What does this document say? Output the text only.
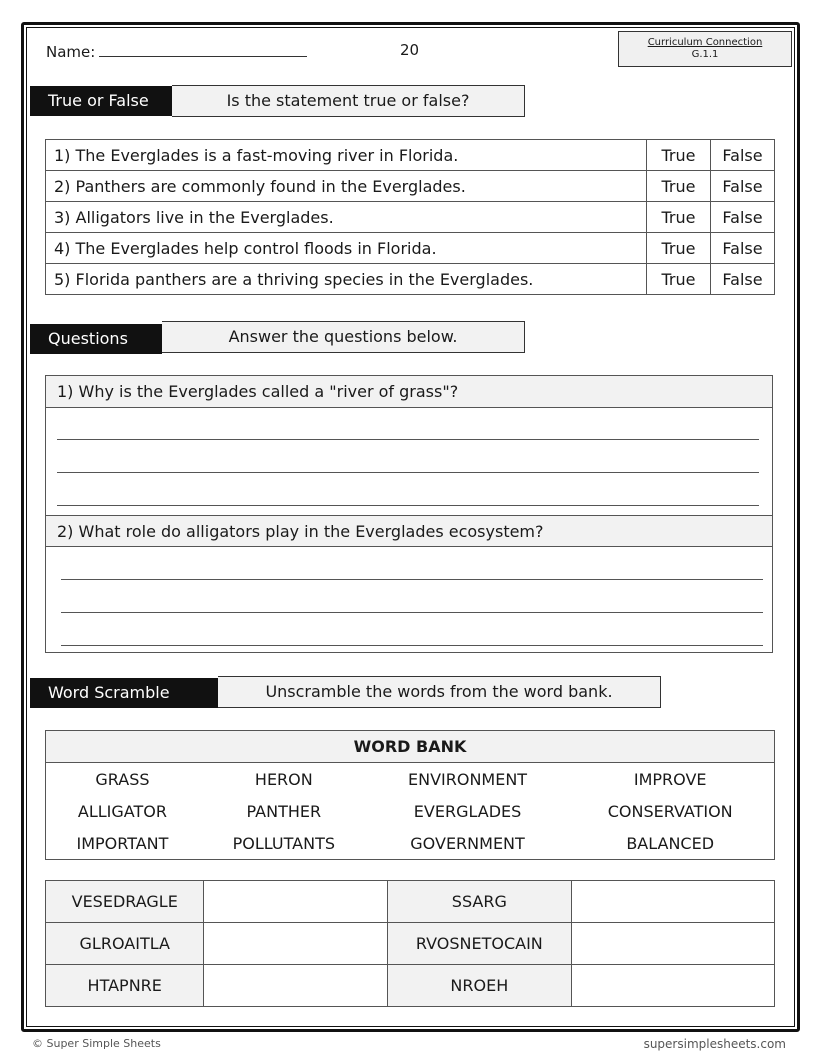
Name:	20	Curriculum Connection
G.1.1
True or False	Is the statement true or false?
1) The Everglades is a fast-moving river in Florida.	True	False
2) Panthers are commonly found in the Everglades.	True	False
3) Alligators live in the Everglades.	True	False
4) The Everglades help control floods in Florida.	True	False
5) Florida panthers are a thriving species in the Everglades.	True	False
Questions	Answer the questions below.
1) Why is the Everglades called a "river of grass"?
2) What role do alligators play in the Everglades ecosystem?
Word Scramble	Unscramble the words from the word bank.
WORD BANK			
GRASS	HERON	ENVIRONMENT	IMPROVE
ALLIGATOR	PANTHER	EVERGLADES	CONSERVATION
IMPORTANT	POLLUTANTS	GOVERNMENT	BALANCED
VESEDRAGLE		SSARG	
GLROAITLA		RVOSNETOCAIN	
HTAPNRE		NROEH	
© Super Simple Sheets	supersimplesheets.com
